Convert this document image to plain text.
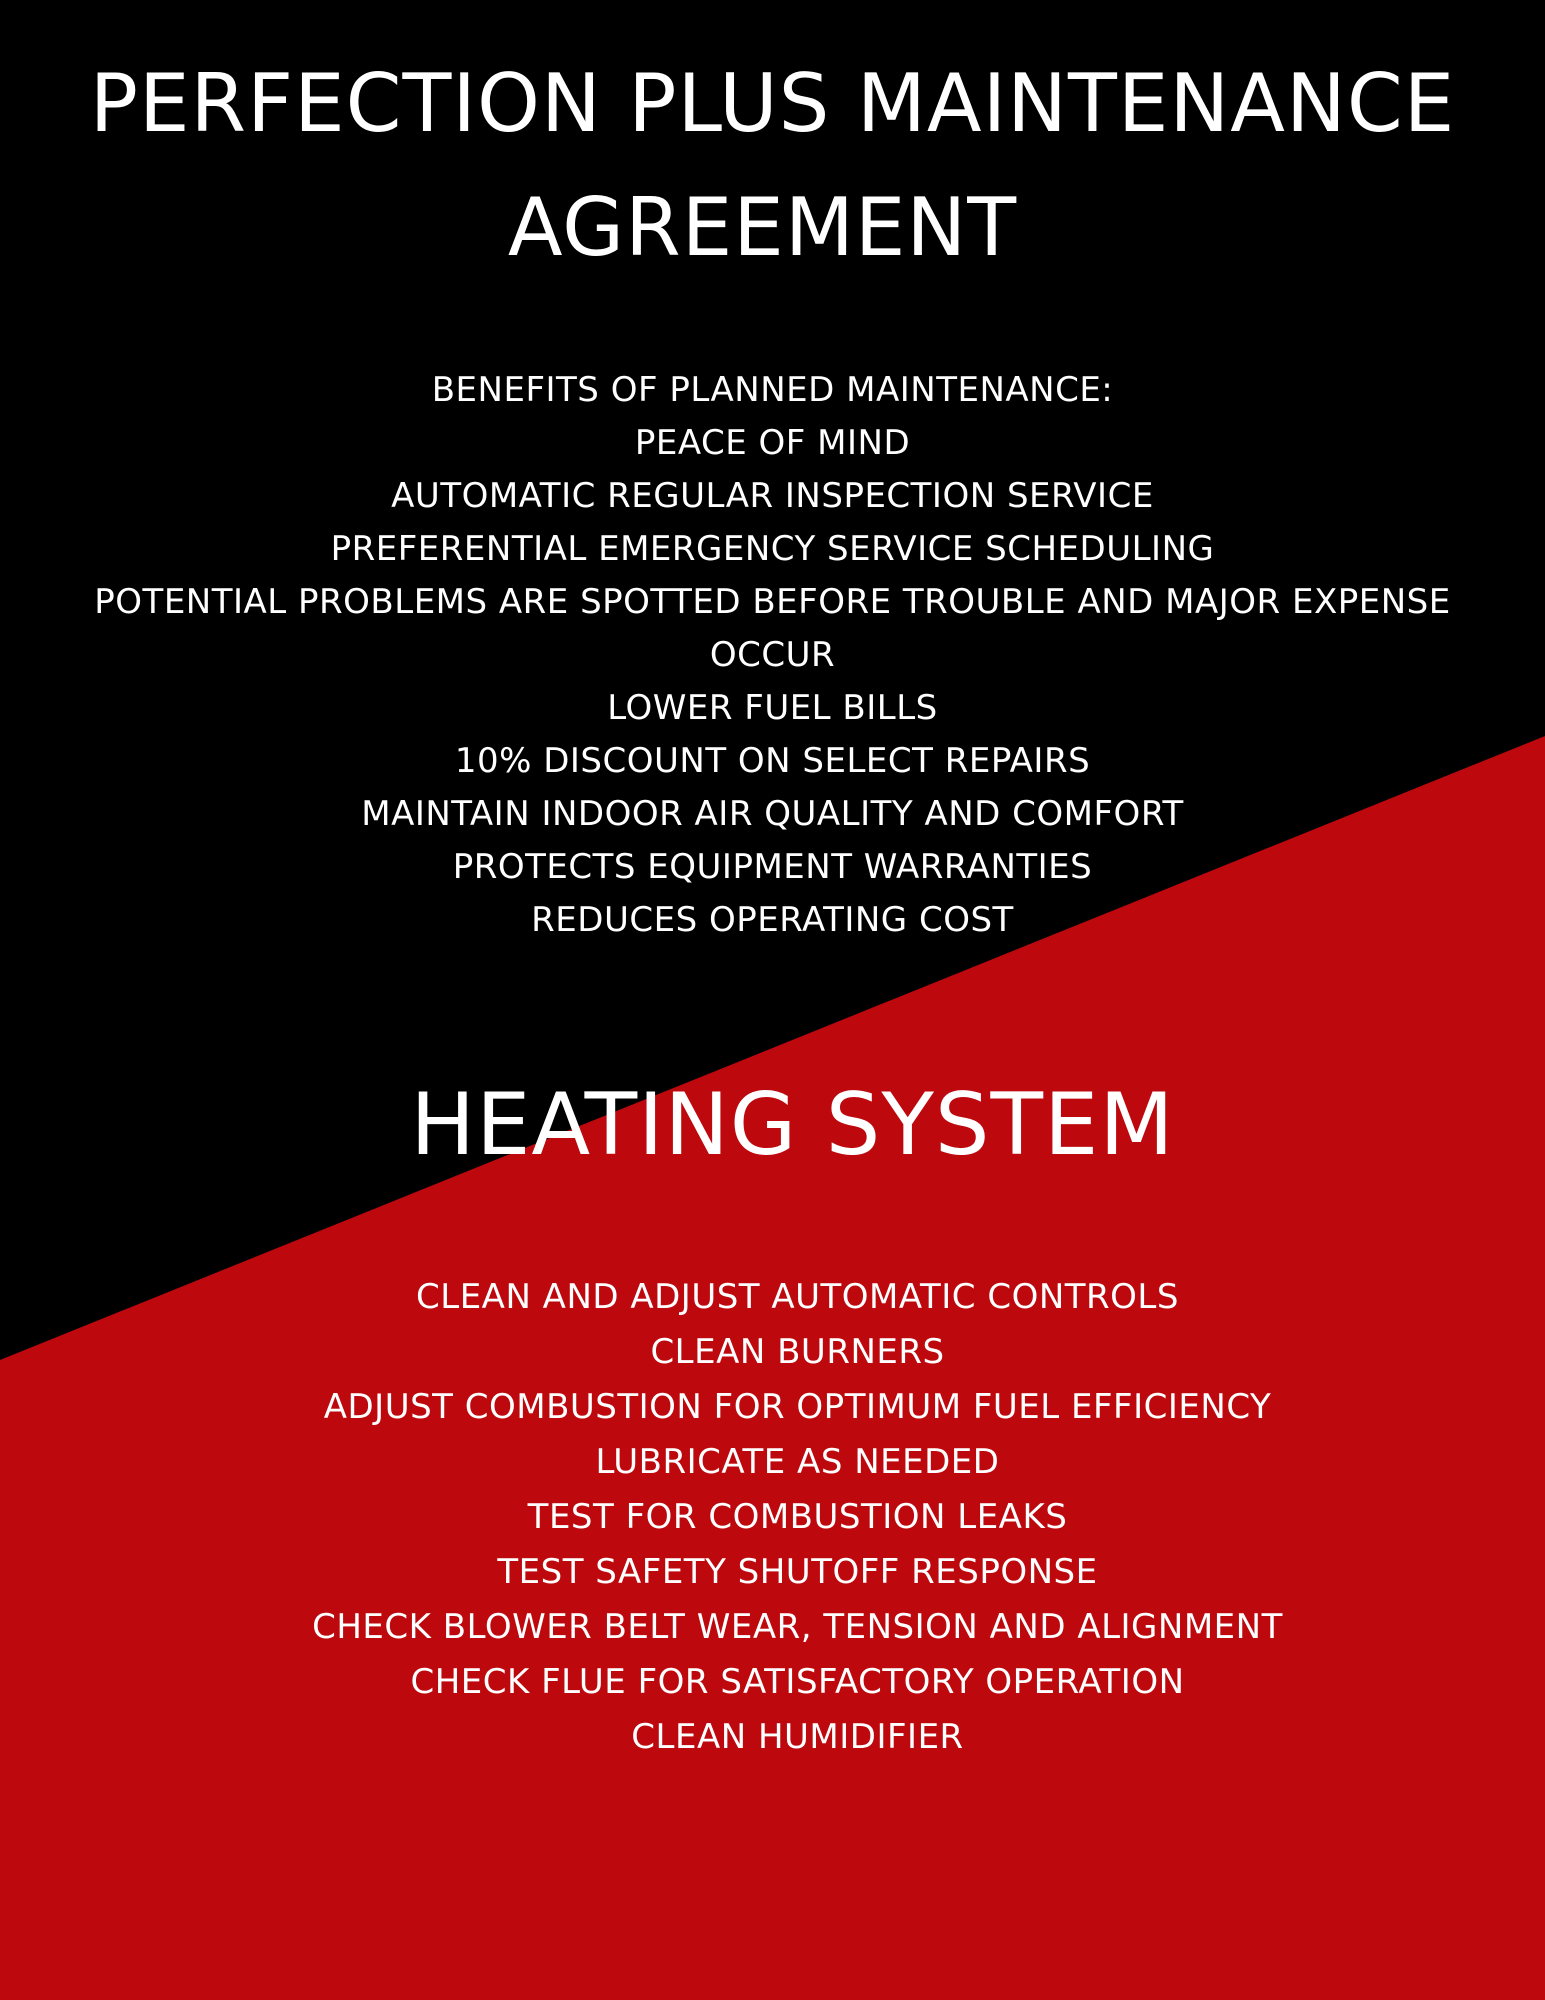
PERFECTION PLUS MAINTENANCE
AGREEMENT
BENEFITS OF PLANNED MAINTENANCE:
PEACE OF MIND
AUTOMATIC REGULAR INSPECTION SERVICE
PREFERENTIAL EMERGENCY SERVICE SCHEDULING
POTENTIAL PROBLEMS ARE SPOTTED BEFORE TROUBLE AND MAJOR EXPENSE
OCCUR
LOWER FUEL BILLS
10% DISCOUNT ON SELECT REPAIRS
MAINTAIN INDOOR AIR QUALITY AND COMFORT
PROTECTS EQUIPMENT WARRANTIES
REDUCES OPERATING COST
HEATING SYSTEM
CLEAN AND ADJUST AUTOMATIC CONTROLS
CLEAN BURNERS
ADJUST COMBUSTION FOR OPTIMUM FUEL EFFICIENCY
LUBRICATE AS NEEDED
TEST FOR COMBUSTION LEAKS
TEST SAFETY SHUTOFF RESPONSE
CHECK BLOWER BELT WEAR, TENSION AND ALIGNMENT
CHECK FLUE FOR SATISFACTORY OPERATION
CLEAN HUMIDIFIER
